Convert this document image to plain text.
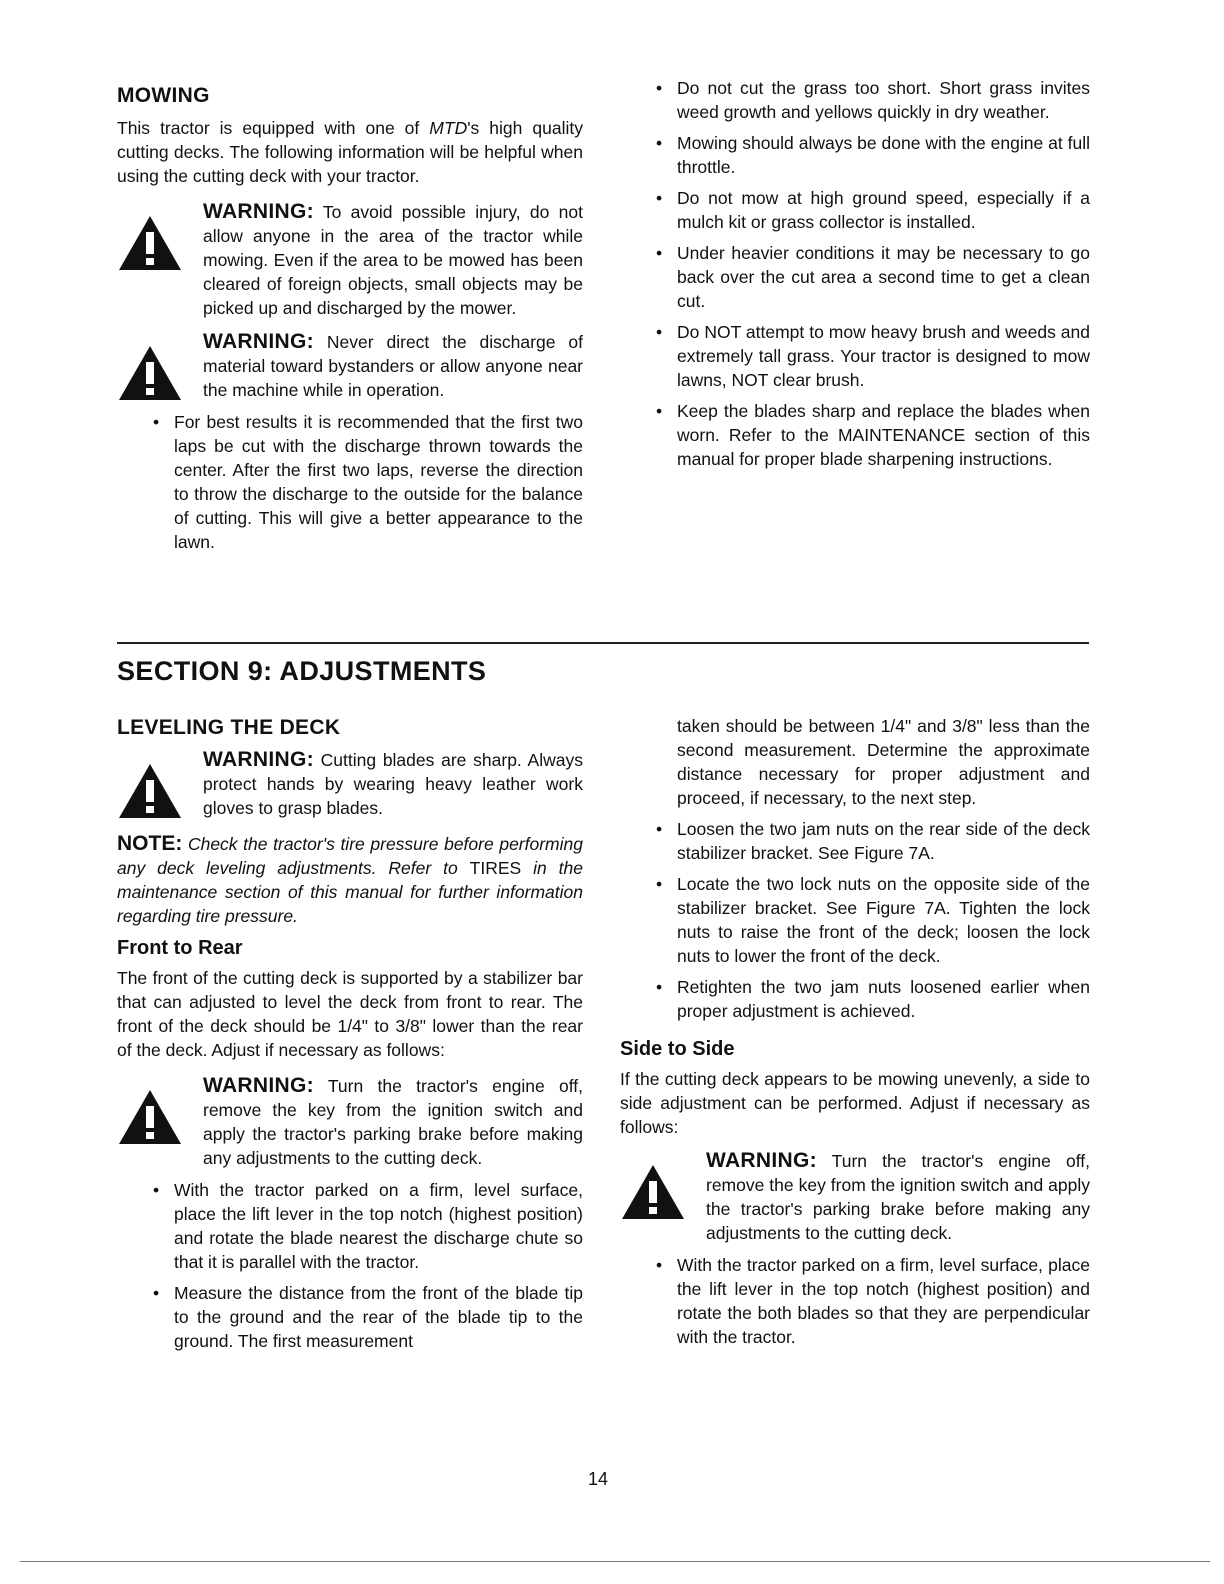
MOWING

This tractor is equipped with one of MTD's high quality cutting decks. The following information will be helpful when using the cutting deck with your tractor.

WARNING: To avoid possible injury, do not allow anyone in the area of the tractor while mowing. Even if the area to be mowed has been cleared of foreign objects, small objects may be picked up and discharged by the mower.

WARNING: Never direct the discharge of material toward bystanders or allow anyone near the machine while in operation.

• For best results it is recommended that the first two laps be cut with the discharge thrown towards the center. After the first two laps, reverse the direction to throw the discharge to the outside for the balance of cutting. This will give a better appearance to the lawn.

• Do not cut the grass too short. Short grass invites weed growth and yellows quickly in dry weather.

• Mowing should always be done with the engine at full throttle.

• Do not mow at high ground speed, especially if a mulch kit or grass collector is installed.

• Under heavier conditions it may be necessary to go back over the cut area a second time to get a clean cut.

• Do NOT attempt to mow heavy brush and weeds and extremely tall grass. Your tractor is designed to mow lawns, NOT clear brush.

• Keep the blades sharp and replace the blades when worn. Refer to the MAINTENANCE section of this manual for proper blade sharpening instructions.

SECTION 9: ADJUSTMENTS
LEVELING THE DECK

WARNING: Cutting blades are sharp. Always protect hands by wearing heavy leather work gloves to grasp blades.

NOTE: Check the tractor's tire pressure before performing any deck leveling adjustments. Refer to TIRES in the maintenance section of this manual for further information regarding tire pressure.

Front to Rear

The front of the cutting deck is supported by a stabilizer bar that can adjusted to level the deck from front to rear. The front of the deck should be 1/4" to 3/8" lower than the rear of the deck. Adjust if necessary as follows:

WARNING: Turn the tractor's engine off, remove the key from the ignition switch and apply the tractor's parking brake before making any adjustments to the cutting deck.

• With the tractor parked on a firm, level surface, place the lift lever in the top notch (highest position) and rotate the blade nearest the discharge chute so that it is parallel with the tractor.

• Measure the distance from the front of the blade tip to the ground and the rear of the blade tip to the ground. The first measurement

taken should be between 1/4" and 3/8" less than the second measurement. Determine the approximate distance necessary for proper adjustment and proceed, if necessary, to the next step.

• Loosen the two jam nuts on the rear side of the deck stabilizer bracket. See Figure 7A.

• Locate the two lock nuts on the opposite side of the stabilizer bracket. See Figure 7A. Tighten the lock nuts to raise the front of the deck; loosen the lock nuts to lower the front of the deck.

• Retighten the two jam nuts loosened earlier when proper adjustment is achieved.

Side to Side

If the cutting deck appears to be mowing unevenly, a side to side adjustment can be performed. Adjust if necessary as follows:

WARNING: Turn the tractor's engine off, remove the key from the ignition switch and apply the tractor's parking brake before making any adjustments to the cutting deck.

• With the tractor parked on a firm, level surface, place the lift lever in the top notch (highest position) and rotate the both blades so that they are perpendicular with the tractor.

14
